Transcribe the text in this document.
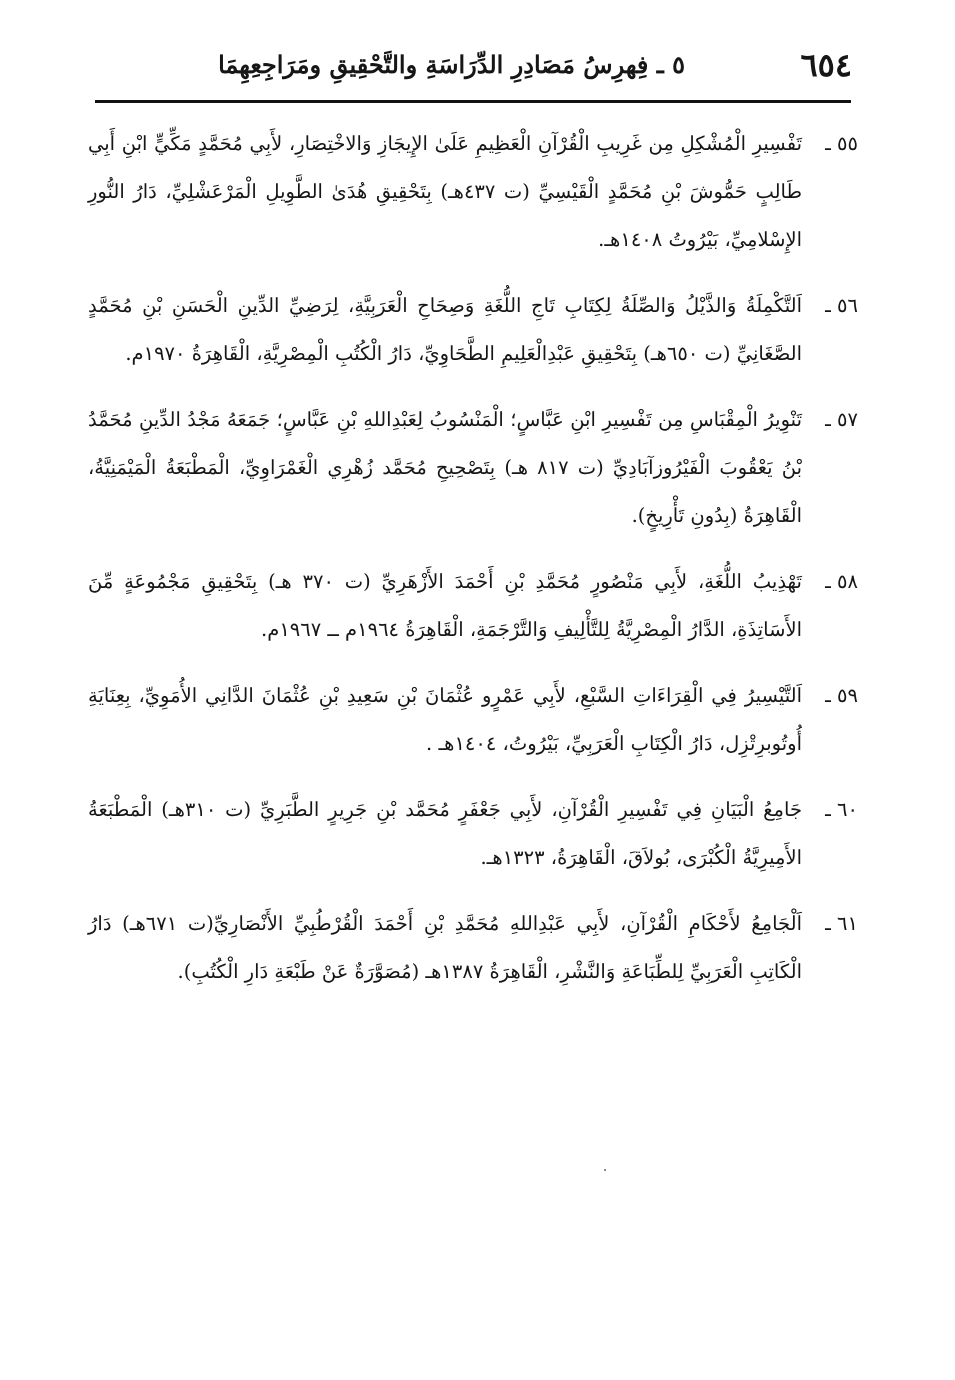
٦٥٤
٥ ـ فِهرِسُ مَصَادِرِ الدِّرَاسَةِ والتَّحْقِيقِ ومَرَاجِعِهِمَا
٥٥ ـ
تَفْسِيرِ الْمُشْكِلِ مِن غَرِيبِ الْقُرْآنِ الْعَظِيمِ عَلَىٰ الإِيجَازِ وَالاخْتِصَارِ، لأَبِي مُحَمَّدٍ مَكِّيٍّ ابْنِ أَبِي طَالِبٍ حَمُّوشَ بْنِ مُحَمَّدٍ الْقَيْسِيِّ (ت ٤٣٧هـ) بِتَحْقِيقِ هُدَىٰ الطَّوِيلِ الْمَرْعَشْلِيِّ، دَارُ النُّورِ الإِسْلامِيِّ، بَيْرُوتُ ١٤٠٨هـ.
٥٦ ـ
اَلتَّكْمِلَةُ وَالذَّيْلُ وَالصِّلَةُ لِكِتَابِ تَاجِ اللُّغَةِ وَصِحَاحِ الْعَرَبِيَّةِ، لِرَضِيِّ الدِّينِ الْحَسَنِ بْنِ مُحَمَّدٍ الصَّغَانِيِّ (ت ٦٥٠هـ) بِتَحْقِيقِ عَبْدِالْعَلِيمِ الطَّحَاوِيِّ، دَارُ الْكُتُبِ الْمِصْرِيَّةِ، الْقَاهِرَةُ ١٩٧٠م.
٥٧ ـ
تَنْوِيرُ الْمِقْبَاسِ مِن تَفْسِيرِ ابْنِ عَبَّاسٍ؛ الْمَنْسُوبُ لِعَبْدِاللهِ بْنِ عَبَّاسٍ؛ جَمَعَهُ مَجْدُ الدِّينِ مُحَمَّدُ بْنُ يَعْقُوبَ الْفَيْرُوزآبَادِيِّ (ت ٨١٧ هـ) بِتَصْحِيحِ مُحَمَّد زُهْرِي الْغَمْرَاوِيِّ، الْمَطْبَعَةُ الْمَيْمَنِيَّةُ، الْقَاهِرَةُ (بِدُونِ تَأْرِيخٍ).
٥٨ ـ
تَهْذِيبُ اللُّغَةِ، لأَبِي مَنْصُورٍ مُحَمَّدِ بْنِ أَحْمَدَ الأَزْهَرِيِّ (ت ٣٧٠ هـ) بِتَحْقِيقِ مَجْمُوعَةٍ مِّنَ الأَسَاتِذَةِ، الدَّارُ الْمِصْرِيَّةُ لِلتَّأْلِيفِ وَالتَّرْجَمَةِ، الْقَاهِرَةُ ١٩٦٤م ــ ١٩٦٧م.
٥٩ ـ
اَلتَّيْسِيرُ فِي الْقِرَاءَاتِ السَّبْعِ، لأَبِي عَمْرٍو عُثْمَانَ بْنِ سَعِيدِ بْنِ عُثْمَانَ الدَّانِي الأُمَوِيِّ، بِعِنَايَةِ أُوتُوبرِتْزِل، دَارُ الْكِتَابِ الْعَرَبِيِّ، بَيْرُوتُ، ١٤٠٤هـ .
٦٠ ـ
جَامِعُ الْبَيَانِ فِي تَفْسِيرِ الْقُرْآنِ، لأَبِي جَعْفَرٍ مُحَمَّد بْنِ جَرِيرٍ الطَّبَرِيِّ (ت ٣١٠هـ) الْمَطْبَعَةُ الأَمِيرِيَّةُ الْكُبْرَى، بُولاَقَ، الْقَاهِرَةُ، ١٣٢٣هـ.
٦١ ـ
اَلْجَامِعُ لأَحْكَامِ الْقُرْآنِ، لأَبِي عَبْدِاللهِ مُحَمَّدِ بْنِ أَحْمَدَ الْقُرْطُبِيِّ الأَنْصَارِيِّ(ت ٦٧١هـ) دَارُ الْكَاتِبِ الْعَرَبِيِّ لِلطِّبَاعَةِ وَالنَّشْرِ، الْقَاهِرَةُ ١٣٨٧هـ (مُصَوَّرَةٌ عَنْ طَبْعَةِ دَارِ الْكُتُبِ).
